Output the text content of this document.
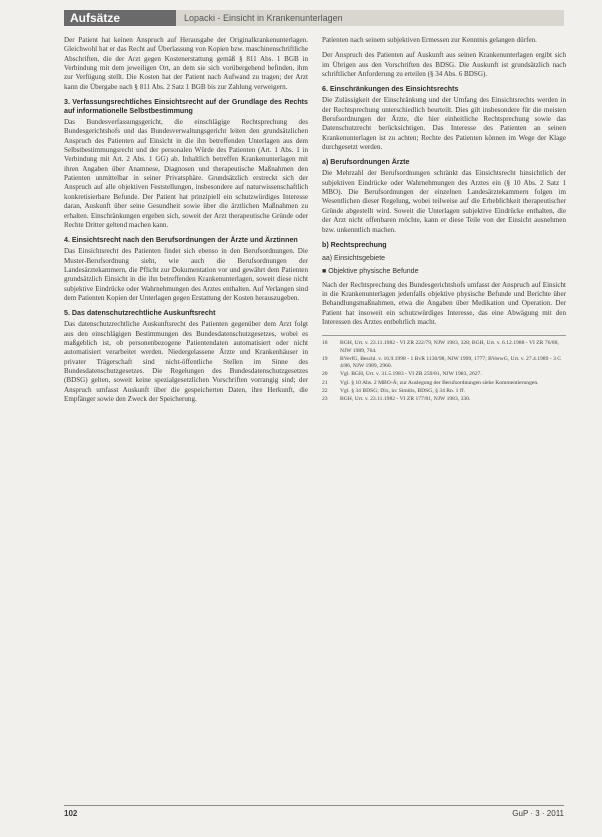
Aufsätze	Lopacki - Einsicht in Krankenunterlagen

Der Patient hat keinen Anspruch auf Herausgabe der Originalkrankenunterlagen. Gleichwohl hat er das Recht auf Überlassung von Kopien bzw. maschinenschriftliche Abschriften, die der Arzt gegen Kostenerstattung gemäß § 811 Abs. 1 BGB in Verbindung mit dem jeweiligen Ort, an dem sie sich vorübergehend befinden, ihm zur Verfügung stellt. Die Kosten hat der Patient nach Aufwand zu tragen; der Arzt kann die Übergabe nach § 811 Abs. 2 Satz 1 BGB bis zur Zahlung verweigern.

3. Verfassungsrechtliches Einsichtsrecht auf der Grundlage des Rechts auf informationelle Selbstbestimmung

Das Bundesverfassungsgericht, die einschlägige Rechtsprechung des Bundesgerichtshofs und das Bundesverwaltungsgericht leiten den grundsätzlichen Anspruch des Patienten auf Einsicht in die ihn betreffenden Unterlagen aus dem Selbstbestimmungsrecht und der personalen Würde des Patienten (Art. 1 Abs. 1 in Verbindung mit Art. 2 Abs. 1 GG) ab. Inhaltlich betreffen Krankenunterlagen mit ihren Angaben über Anamnese, Diagnosen und therapeutische Maßnahmen den Patienten unmittelbar in seiner Privatsphäre. Grundsätzlich erstreckt sich der Anspruch auf alle objektiven Feststellungen, insbesondere auf naturwissenschaftlich konkretisierbare Befunde. Der Patient hat prinzipiell ein schutzwürdiges Interesse daran, Auskunft über seine Gesundheit sowie über die ärztlichen Maßnahmen zu erhalten. Einschränkungen ergeben sich, soweit der Arzt therapeutische Gründe oder Rechte Dritter geltend machen kann.

4. Einsichtsrecht nach den Berufsordnungen der Ärzte und Ärztinnen

Das Einsichtsrecht des Patienten findet sich ebenso in den Berufsordnungen. Die Muster-Berufsordnung sieht, wie auch die Berufsordnungen der Landesärztekammern, die Pflicht zur Dokumentation vor und gewährt dem Patienten grundsätzlich Einsicht in die ihn betreffenden Krankenunterlagen, soweit diese nicht subjektive Eindrücke oder Wahrnehmungen des Arztes enthalten. Auf Verlangen sind dem Patienten Kopien der Unterlagen gegen Erstattung der Kosten herauszugeben.

5. Das datenschutzrechtliche Auskunftsrecht

Das datenschutzrechtliche Auskunftsrecht des Patienten gegenüber dem Arzt folgt aus den einschlägigen Bestimmungen des Bundesdatenschutzgesetzes, wobei es maßgeblich ist, ob personenbezogene Patientendaten automatisiert oder nicht automatisiert verarbeitet werden. Niedergelassene Ärzte und Krankenhäuser in privater Trägerschaft sind nicht-öffentliche Stellen im Sinne des Bundesdatenschutzgesetzes. Die Regelungen des Bundesdatenschutzgesetzes (BDSG) gelten, soweit keine spezialgesetzlichen Vorschriften vorrangig sind; der Anspruch umfasst Auskunft über die gespeicherten Daten, ihre Herkunft, die Empfänger sowie den Zweck der Speicherung.

Patienten nach seinem subjektiven Ermessen zur Kenntnis gelangen dürfen.

Der Anspruch des Patienten auf Auskunft aus seinen Krankenunterlagen ergibt sich im Übrigen aus den Vorschriften des BDSG. Die Auskunft ist grundsätzlich nach schriftlicher Anforderung zu erteilen (§ 34 Abs. 6 BDSG).

6. Einschränkungen des Einsichtsrechts

Die Zulässigkeit der Einschränkung und der Umfang des Einsichtsrechts werden in der Rechtsprechung unterschiedlich beurteilt. Dies gilt insbesondere für die meisten Berufsordnungen der Ärzte, die hier einheitliche Rechtsprechung sowie das Datenschutzrecht berücksichtigen. Das Interesse des Patienten an seinen Krankenunterlagen ist zu achten; Rechte des Patienten können im Wege der Klage durchgesetzt werden.

a) Berufsordnungen Ärzte

Die Mehrzahl der Berufsordnungen schränkt das Einsichtsrecht hinsichtlich der subjektiven Eindrücke oder Wahrnehmungen des Arztes ein (§ 10 Abs. 2 Satz 1 MBO). Die Berufsordnungen der einzelnen Landesärztekammern folgen im Wesentlichen dieser Regelung, wobei teilweise auf die Erheblichkeit therapeutischer Gründe abgestellt wird. Soweit die Unterlagen subjektive Eindrücke enthalten, die der Arzt nicht offenbaren möchte, kann er diese Teile von der Einsicht ausnehmen bzw. unkenntlich machen.

b) Rechtsprechung
aa) Einsichtsgebiete
■ Objektive physische Befunde

Nach der Rechtsprechung des Bundesgerichtshofs umfasst der Anspruch auf Einsicht in die Krankenunterlagen jedenfalls objektive physische Befunde und Berichte über Behandlungsmaßnahmen, etwa die Angaben über Medikation und Operation. Der Patient hat insoweit ein schutzwürdiges Interesse, das eine Abwägung mit den Interessen des Arztes entbehrlich macht.

18	BGH, Urt. v. 23.11.1982 - VI ZR 222/79, NJW 1983, 328; BGH, Urt. v. 6.12.1988 - VI ZR 76/88, NJW 1989, 764.
19	BVerfG, Beschl. v. 16.9.1998 - 1 BvR 1130/98, NJW 1999, 1777; BVerwG, Urt. v. 27.4.1989 - 3 C 4/86, NJW 1989, 2960.
20	Vgl. BGH, Urt. v. 31.5.1983 - VI ZR 259/81, NJW 1983, 2627.
21	Vgl. § 10 Abs. 2 MBO-Ä; zur Auslegung der Berufsordnungen siehe Kommentierungen.
22	Vgl. § 34 BDSG; Dix, in: Simitis, BDSG, § 34 Rn. 1 ff.
23	BGH, Urt. v. 23.11.1982 - VI ZR 177/81, NJW 1983, 330.
102	GuP · 3 · 2011
